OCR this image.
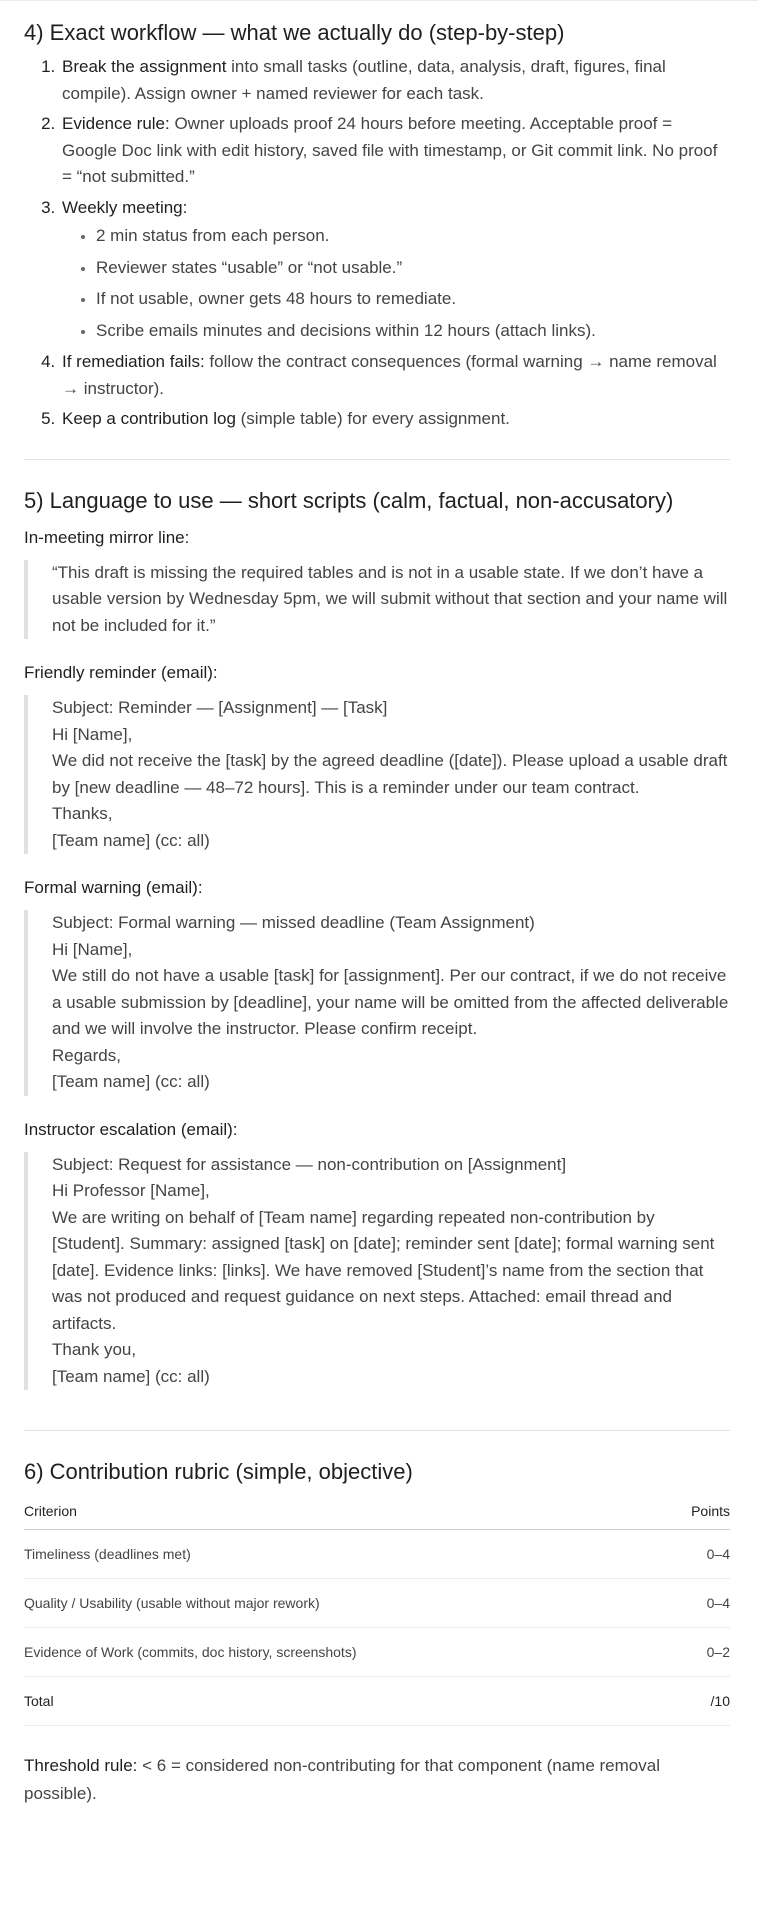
4) Exact workflow — what we actually do (step-by-step)
1. Break the assignment into small tasks (outline, data, analysis, draft, figures, final compile). Assign owner + named reviewer for each task.
2. Evidence rule: Owner uploads proof 24 hours before meeting. Acceptable proof = Google Doc link with edit history, saved file with timestamp, or Git commit link. No proof = “not submitted.”
3. Weekly meeting:
• 2 min status from each person.
• Reviewer states “usable” or “not usable.”
• If not usable, owner gets 48 hours to remediate.
• Scribe emails minutes and decisions within 12 hours (attach links).
4. If remediation fails: follow the contract consequences (formal warning → name removal → instructor).
5. Keep a contribution log (simple table) for every assignment.
5) Language to use — short scripts (calm, factual, non-accusatory)
In-meeting mirror line:
“This draft is missing the required tables and is not in a usable state. If we don’t have a usable version by Wednesday 5pm, we will submit without that section and your name will not be included for it.”
Friendly reminder (email):
Subject: Reminder — [Assignment] — [Task]
Hi [Name],
We did not receive the [task] by the agreed deadline ([date]). Please upload a usable draft by [new deadline — 48–72 hours]. This is a reminder under our team contract.
Thanks,
[Team name] (cc: all)
Formal warning (email):
Subject: Formal warning — missed deadline (Team Assignment)
Hi [Name],
We still do not have a usable [task] for [assignment]. Per our contract, if we do not receive a usable submission by [deadline], your name will be omitted from the affected deliverable and we will involve the instructor. Please confirm receipt.
Regards,
[Team name] (cc: all)
Instructor escalation (email):
Subject: Request for assistance — non-contribution on [Assignment]
Hi Professor [Name],
We are writing on behalf of [Team name] regarding repeated non-contribution by [Student]. Summary: assigned [task] on [date]; reminder sent [date]; formal warning sent [date]. Evidence links: [links]. We have removed [Student]’s name from the section that was not produced and request guidance on next steps. Attached: email thread and artifacts.
Thank you,
[Team name] (cc: all)
6) Contribution rubric (simple, objective)
Criterion	Points
Timeliness (deadlines met)	0–4
Quality / Usability (usable without major rework)	0–4
Evidence of Work (commits, doc history, screenshots)	0–2
Total	/10

Threshold rule: < 6 = considered non-contributing for that component (name removal possible).
